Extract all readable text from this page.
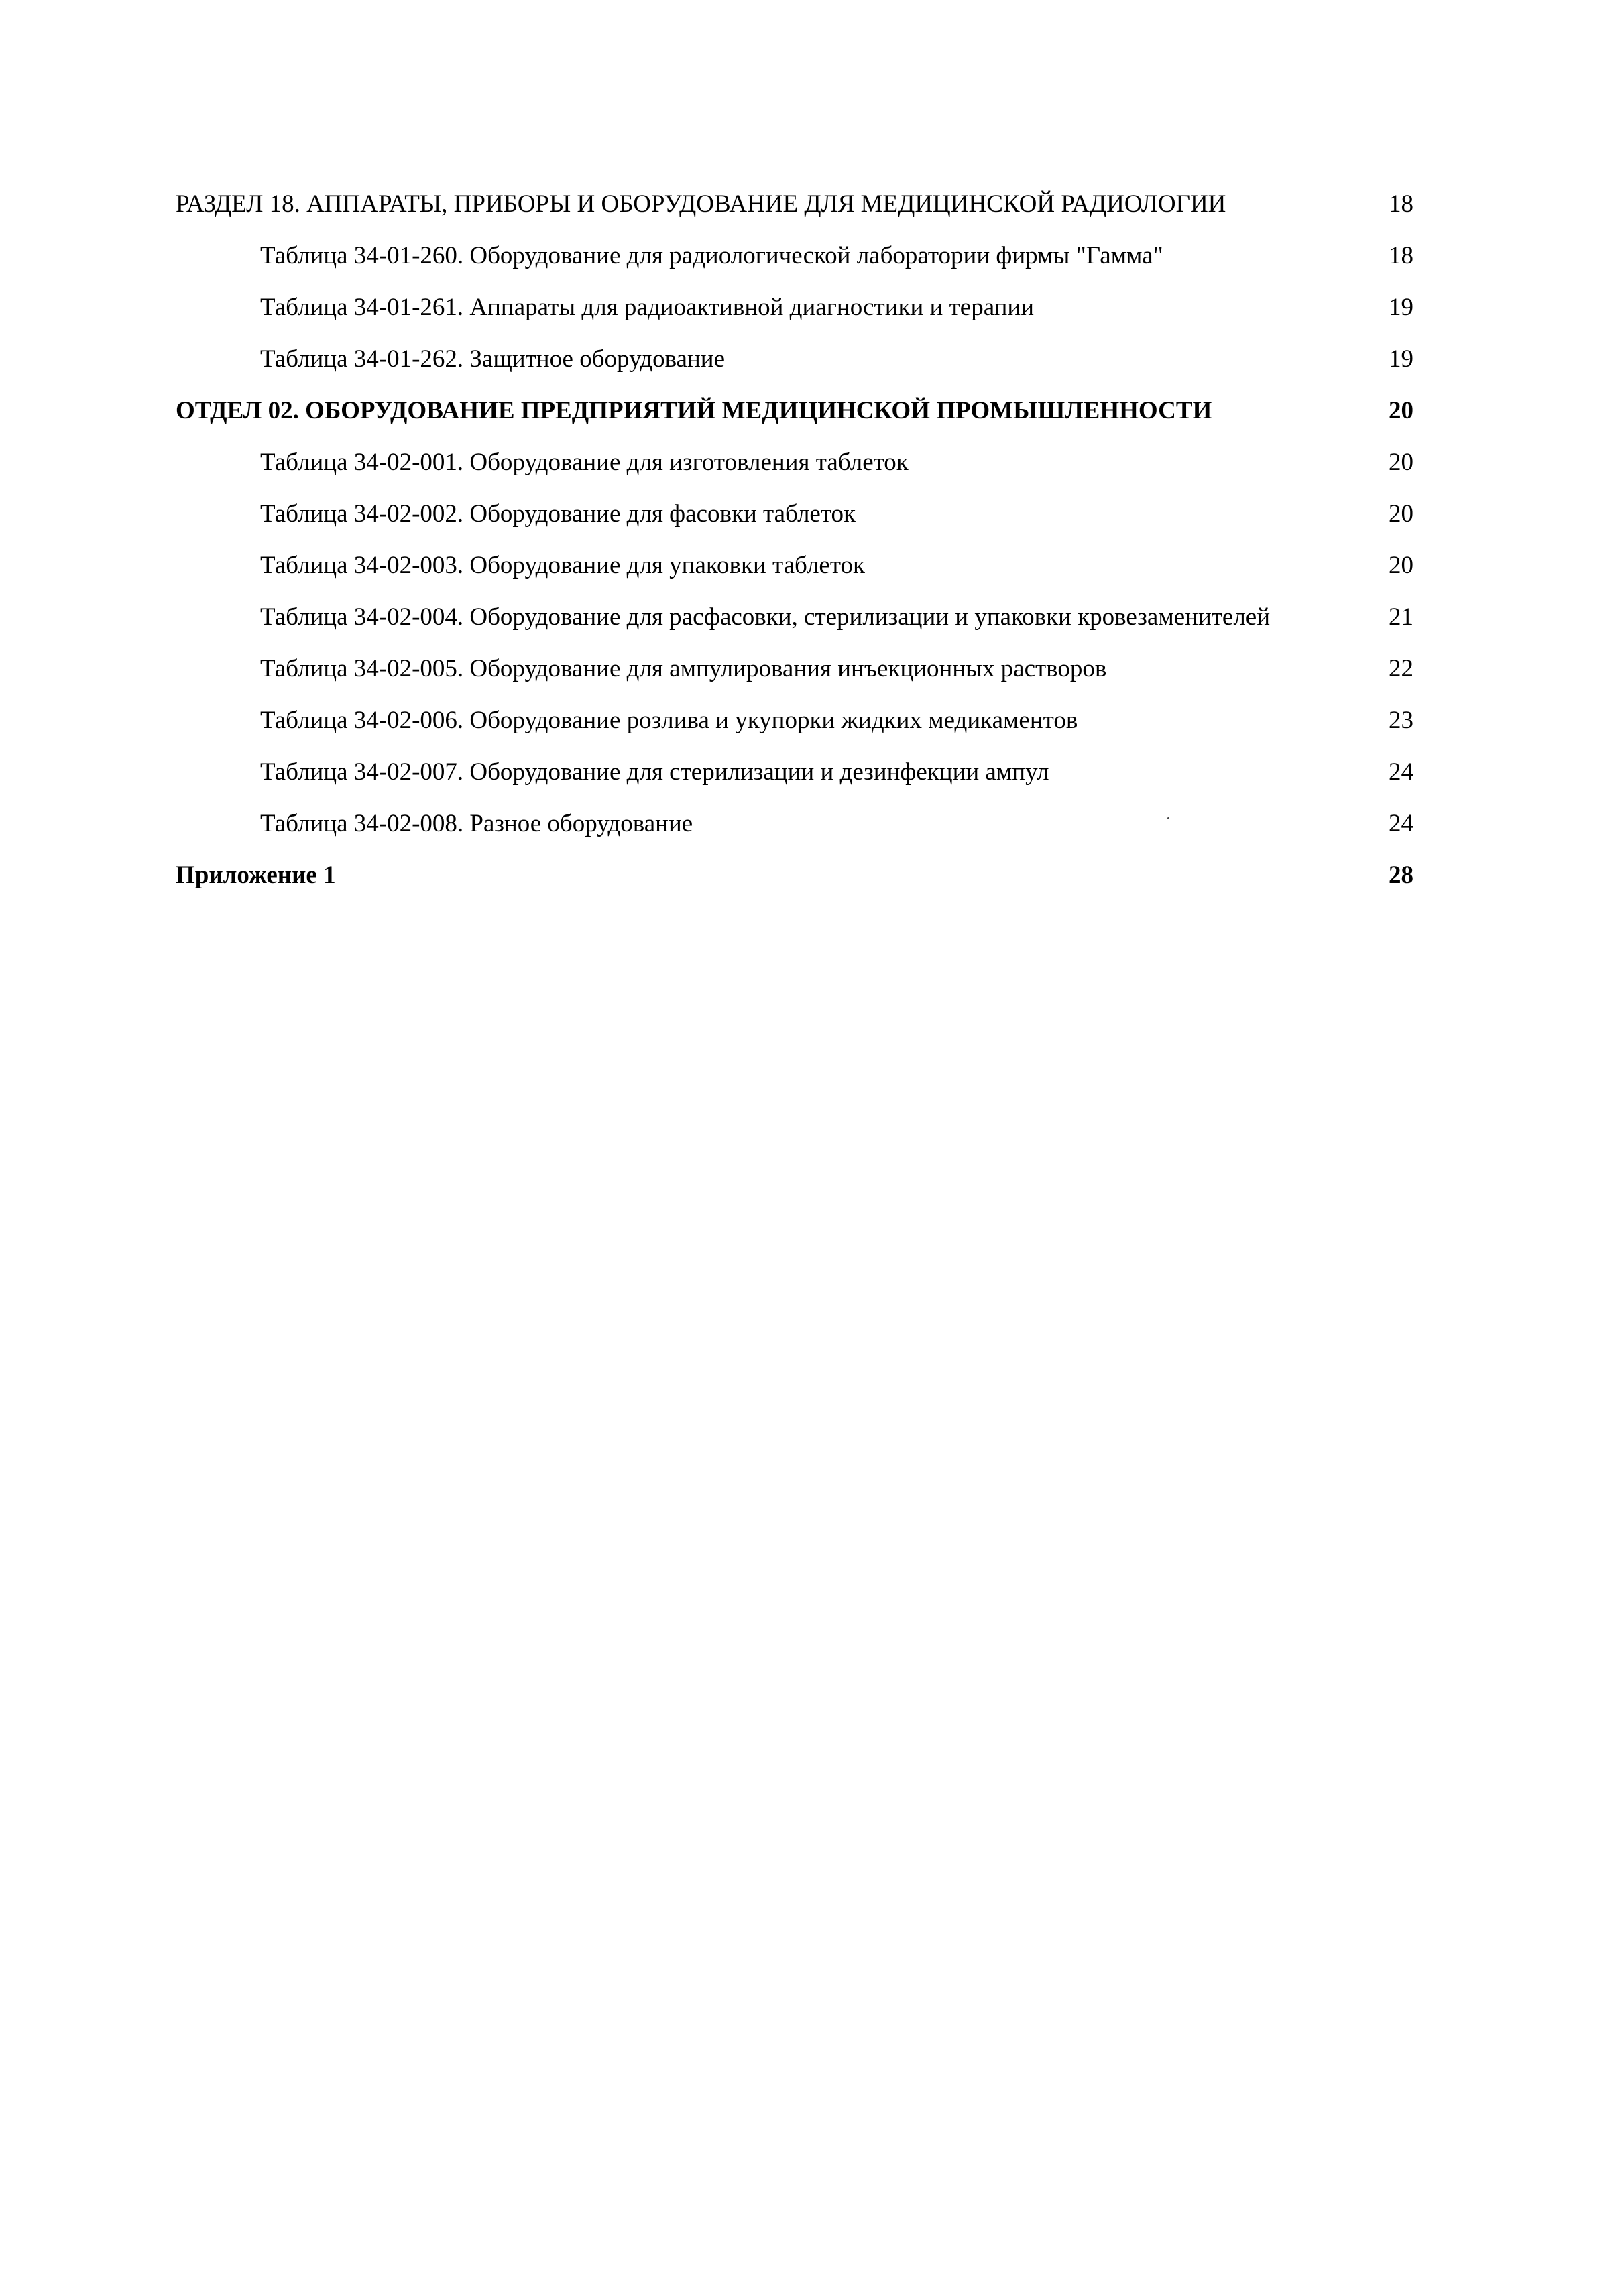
РАЗДЕЛ 18. АППАРАТЫ, ПРИБОРЫ И ОБОРУДОВАНИЕ ДЛЯ МЕДИЦИНСКОЙ РАДИОЛОГИИ	18
Таблица 34-01-260. Оборудование для радиологической лаборатории фирмы "Гамма"	18
Таблица 34-01-261. Аппараты для радиоактивной диагностики и терапии	19
Таблица 34-01-262. Защитное оборудование	19
ОТДЕЛ 02. ОБОРУДОВАНИЕ ПРЕДПРИЯТИЙ МЕДИЦИНСКОЙ ПРОМЫШЛЕННОСТИ	20
Таблица 34-02-001. Оборудование для изготовления таблеток	20
Таблица 34-02-002. Оборудование для фасовки таблеток	20
Таблица 34-02-003. Оборудование для упаковки таблеток	20
Таблица 34-02-004. Оборудование для расфасовки, стерилизации и упаковки кровезаменителей	21
Таблица 34-02-005. Оборудование для ампулирования инъекционных растворов	22
Таблица 34-02-006. Оборудование розлива и укупорки жидких медикаментов	23
Таблица 34-02-007. Оборудование для стерилизации и дезинфекции ампул	24
Таблица 34-02-008. Разное оборудование	24
Приложение 1	28
